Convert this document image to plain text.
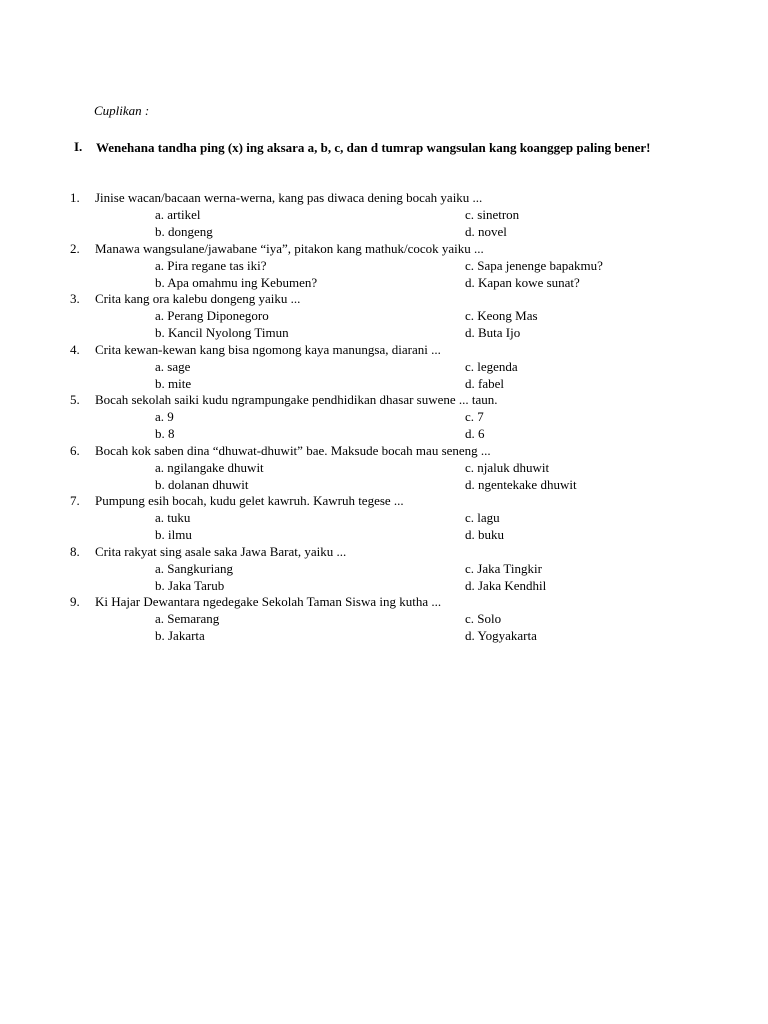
Cuplikan :
I. Wenehana tandha ping (x) ing aksara a, b, c, dan d tumrap wangsulan kang koanggep paling bener!
1. Jinise wacan/bacaan werna-werna, kang pas diwaca dening bocah yaiku ...
a. artikel	c. sinetron
b. dongeng	d. novel
2. Manawa wangsulane/jawabane “iya”, pitakon kang mathuk/cocok yaiku ...
a. Pira regane tas iki?	c. Sapa jenenge bapakmu?
b. Apa omahmu ing Kebumen?	d. Kapan kowe sunat?
3. Crita kang ora kalebu dongeng yaiku ...
a. Perang Diponegoro	c. Keong Mas
b. Kancil Nyolong Timun	d. Buta Ijo
4. Crita kewan-kewan kang bisa ngomong kaya manungsa, diarani ...
a. sage	c. legenda
b. mite	d. fabel
5. Bocah sekolah saiki kudu ngrampungake pendhidikan dhasar suwene ... taun.
a. 9	c. 7
b. 8	d. 6
6. Bocah kok saben dina “dhuwat-dhuwit” bae. Maksude bocah mau seneng ...
a. ngilangake dhuwit	c. njaluk dhuwit
b. dolanan dhuwit	d. ngentekake dhuwit
7. Pumpung esih bocah, kudu gelet kawruh. Kawruh tegese ...
a. tuku	c. lagu
b. ilmu	d. buku
8. Crita rakyat sing asale saka Jawa Barat, yaiku ...
a. Sangkuriang	c. Jaka Tingkir
b. Jaka Tarub	d. Jaka Kendhil
9. Ki Hajar Dewantara ngedegake Sekolah Taman Siswa ing kutha ...
a. Semarang	c. Solo
b. Jakarta	d. Yogyakarta
